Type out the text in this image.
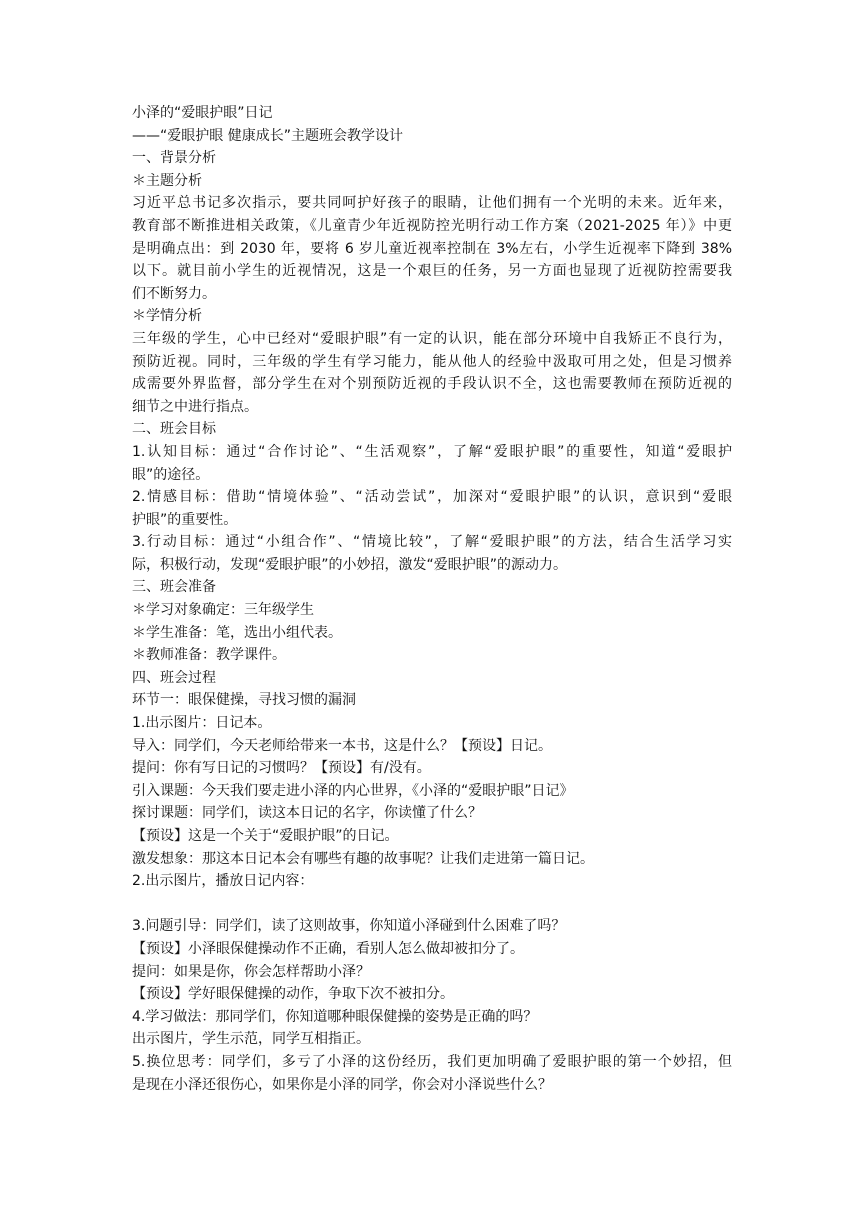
小泽的“爱眼护眼”日记
——“爱眼护眼 健康成长”主题班会教学设计
一、背景分析
＊主题分析
习近平总书记多次指示，要共同呵护好孩子的眼睛，让他们拥有一个光明的未来。近年来，
教育部不断推进相关政策，《儿童青少年近视防控光明行动工作方案（2021-2025 年）》中更
是明确点出：到 2030 年，要将 6 岁儿童近视率控制在 3%左右，小学生近视率下降到 38%
以下。就目前小学生的近视情况，这是一个艰巨的任务，另一方面也显现了近视防控需要我
们不断努力。
＊学情分析
三年级的学生，心中已经对“爱眼护眼”有一定的认识，能在部分环境中自我矫正不良行为，
预防近视。同时，三年级的学生有学习能力，能从他人的经验中汲取可用之处，但是习惯养
成需要外界监督，部分学生在对个别预防近视的手段认识不全，这也需要教师在预防近视的
细节之中进行指点。
二、班会目标
1.认知目标：通过“合作讨论”、“生活观察”，了解“爱眼护眼”的重要性，知道“爱眼护
眼”的途径。
2.情感目标：借助“情境体验”、“活动尝试”，加深对“爱眼护眼”的认识，意识到“爱眼
护眼”的重要性。
3.行动目标：通过“小组合作”、“情境比较”，了解“爱眼护眼”的方法，结合生活学习实
际，积极行动，发现“爱眼护眼”的小妙招，激发“爱眼护眼”的源动力。
三、班会准备
＊学习对象确定：三年级学生
＊学生准备：笔，选出小组代表。
＊教师准备：教学课件。
四、班会过程
环节一：眼保健操，寻找习惯的漏洞
1.出示图片：日记本。
导入：同学们，今天老师给带来一本书，这是什么？【预设】日记。
提问：你有写日记的习惯吗？【预设】有/没有。
引入课题：今天我们要走进小泽的内心世界，《小泽的“爱眼护眼”日记》
探讨课题：同学们，读这本日记的名字，你读懂了什么？
【预设】这是一个关于“爱眼护眼”的日记。
激发想象：那这本日记本会有哪些有趣的故事呢？让我们走进第一篇日记。
2.出示图片，播放日记内容：
3.问题引导：同学们，读了这则故事，你知道小泽碰到什么困难了吗？
【预设】小泽眼保健操动作不正确，看别人怎么做却被扣分了。
提问：如果是你，你会怎样帮助小泽？
【预设】学好眼保健操的动作，争取下次不被扣分。
4.学习做法：那同学们，你知道哪种眼保健操的姿势是正确的吗？
出示图片，学生示范，同学互相指正。
5.换位思考：同学们，多亏了小泽的这份经历，我们更加明确了爱眼护眼的第一个妙招，但
是现在小泽还很伤心，如果你是小泽的同学，你会对小泽说些什么？
